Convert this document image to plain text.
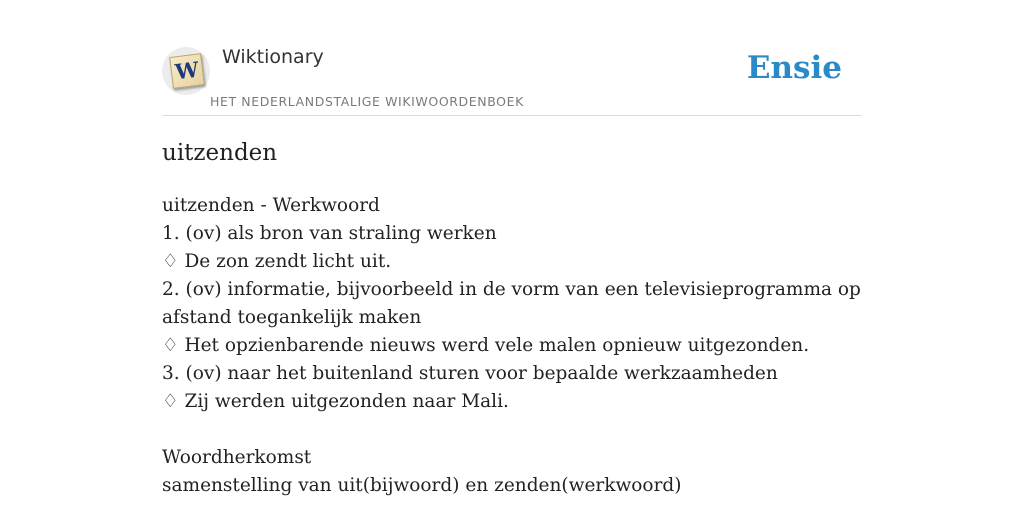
W Wiktionary
HET NEDERLANDSTALIGE WIKIWOORDENBOEK
Ensie
uitzenden
uitzenden - Werkwoord
1. (ov) als bron van straling werken
♢ De zon zendt licht uit.
2. (ov) informatie, bijvoorbeeld in de vorm van een televisieprogramma op afstand toegankelijk maken
♢ Het opzienbarende nieuws werd vele malen opnieuw uitgezonden.
3. (ov) naar het buitenland sturen voor bepaalde werkzaamheden
♢ Zij werden uitgezonden naar Mali.
Woordherkomst
samenstelling van uit(bijwoord) en zenden(werkwoord)
